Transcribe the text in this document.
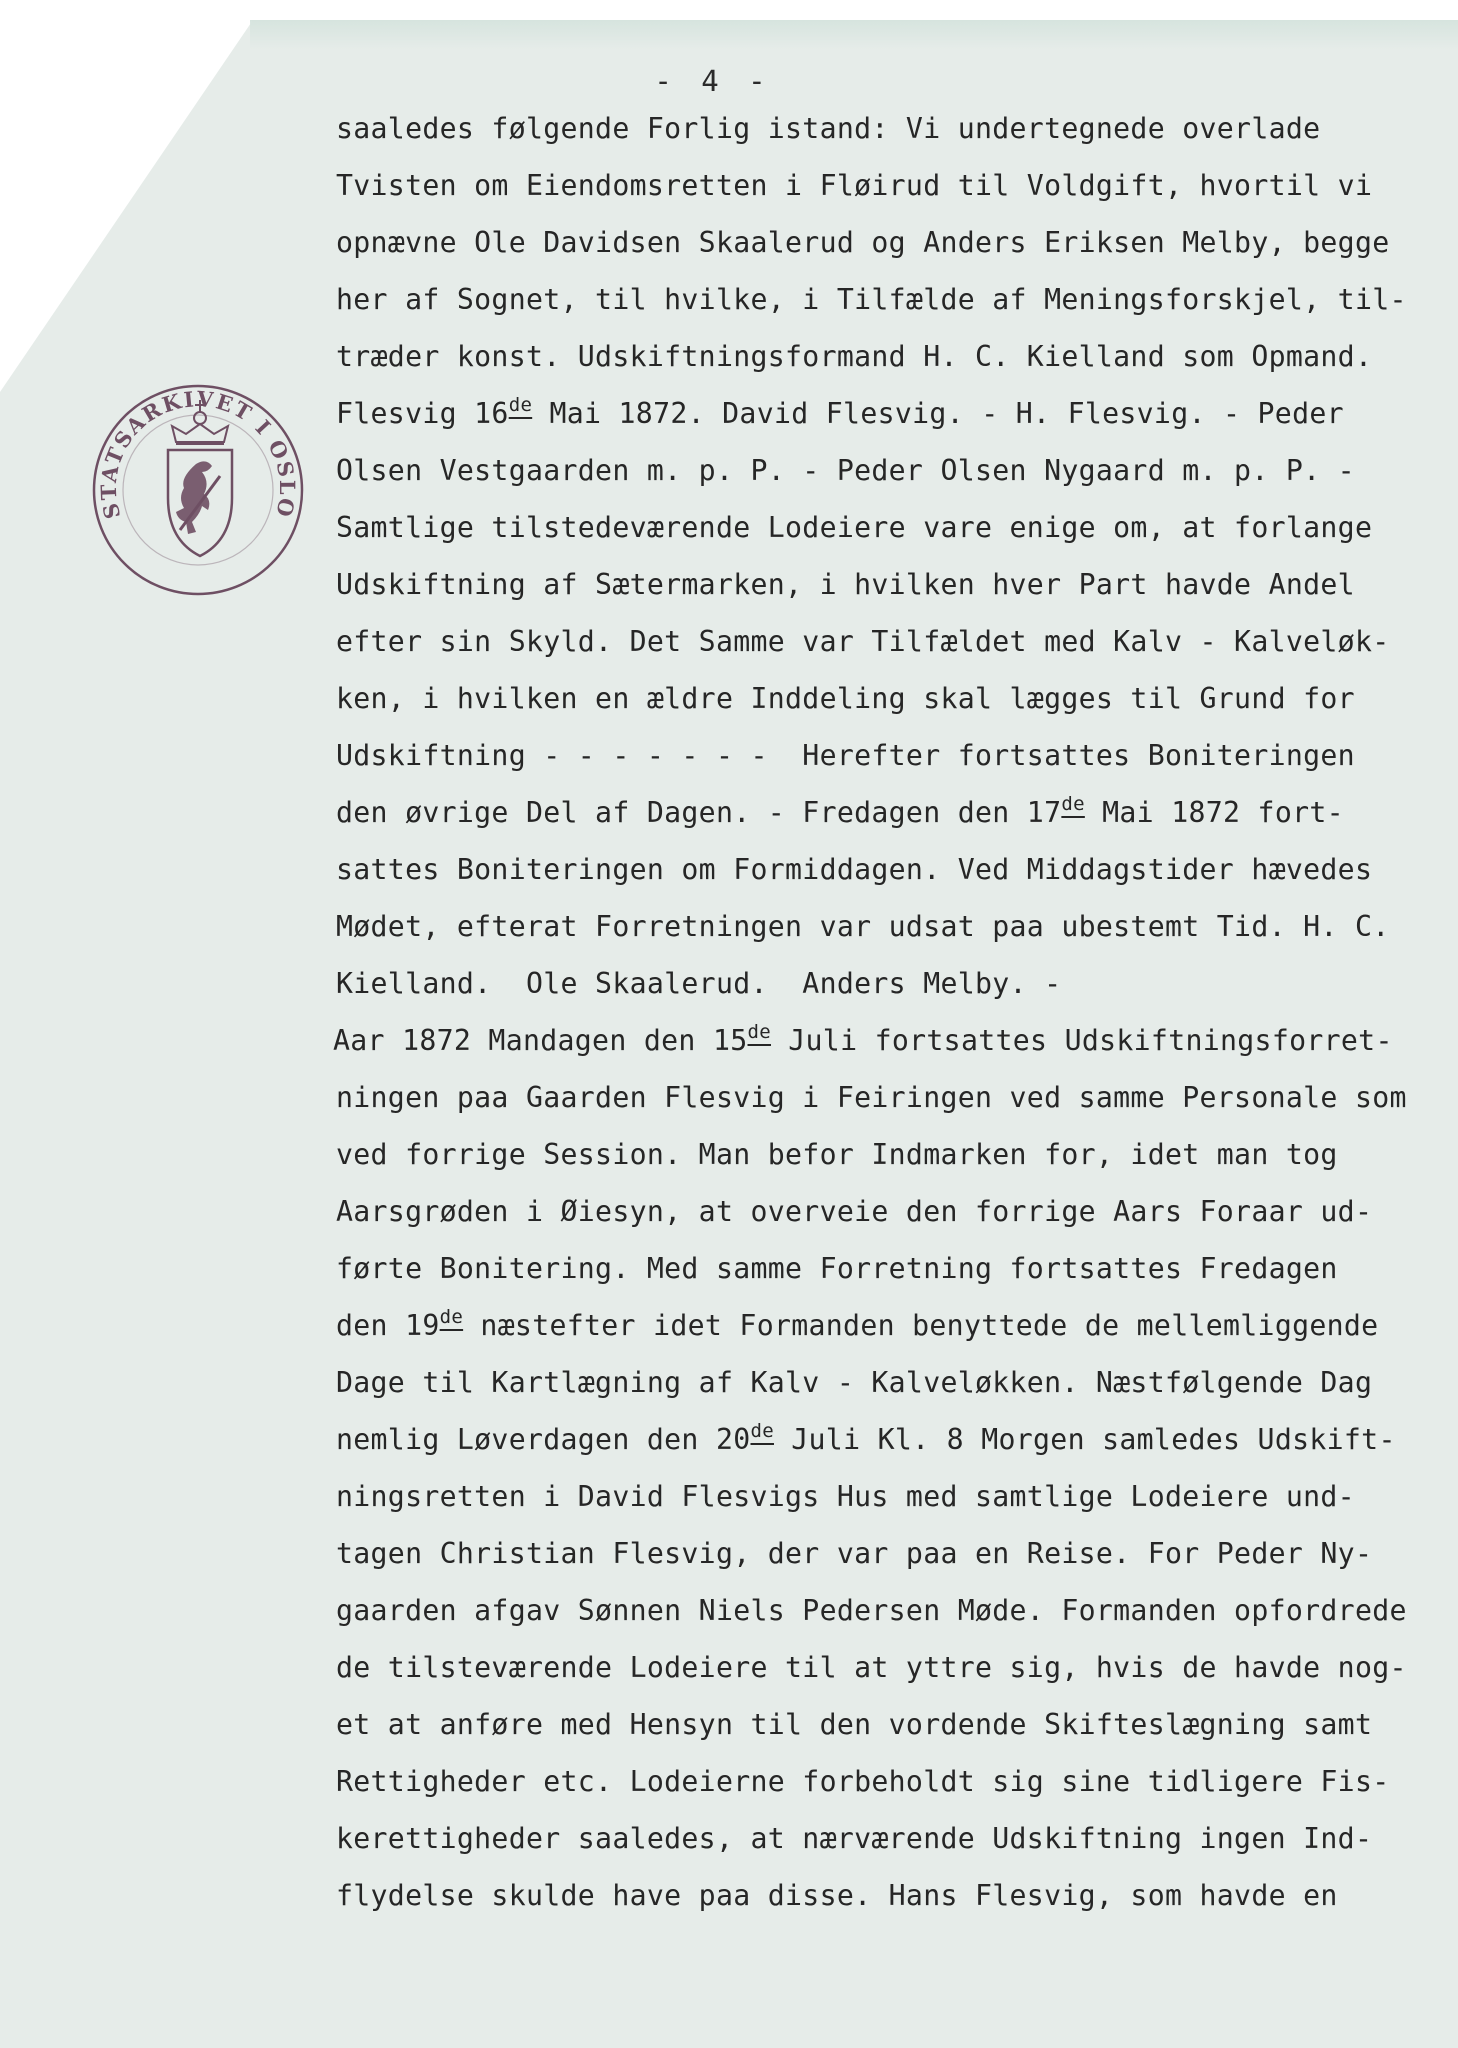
- 4 -
STATSARKIVET I OSLO
saaledes følgende Forlig istand: Vi undertegnede overlade
Tvisten om Eiendomsretten i Fløirud til Voldgift, hvortil vi
opnævne Ole Davidsen Skaalerud og Anders Eriksen Melby, begge
her af Sognet, til hvilke, i Tilfælde af Meningsforskjel, til-
træder konst. Udskiftningsformand H. C. Kielland som Opmand.
Flesvig 16de Mai 1872. David Flesvig. - H. Flesvig. - Peder
Olsen Vestgaarden m. p. P. - Peder Olsen Nygaard m. p. P. -
Samtlige tilstedeværende Lodeiere vare enige om, at forlange
Udskiftning af Sætermarken, i hvilken hver Part havde Andel
efter sin Skyld. Det Samme var Tilfældet med Kalv - Kalveløk-
ken, i hvilken en ældre Inddeling skal lægges til Grund for
Udskiftning - - - - - - -  Herefter fortsattes Boniteringen
den øvrige Del af Dagen. - Fredagen den 17de Mai 1872 fort-
sattes Boniteringen om Formiddagen. Ved Middagstider hævedes
Mødet, efterat Forretningen var udsat paa ubestemt Tid. H. C.
Kielland.  Ole Skaalerud.  Anders Melby. -
Aar 1872 Mandagen den 15de Juli fortsattes Udskiftningsforret-
ningen paa Gaarden Flesvig i Feiringen ved samme Personale som
ved forrige Session. Man befor Indmarken for, idet man tog
Aarsgrøden i Øiesyn, at overveie den forrige Aars Foraar ud-
førte Bonitering. Med samme Forretning fortsattes Fredagen
den 19de næstefter idet Formanden benyttede de mellemliggende
Dage til Kartlægning af Kalv - Kalveløkken. Næstfølgende Dag
nemlig Løverdagen den 20de Juli Kl. 8 Morgen samledes Udskift-
ningsretten i David Flesvigs Hus med samtlige Lodeiere und-
tagen Christian Flesvig, der var paa en Reise. For Peder Ny-
gaarden afgav Sønnen Niels Pedersen Møde. Formanden opfordrede
de tilsteværende Lodeiere til at yttre sig, hvis de havde nog-
et at anføre med Hensyn til den vordende Skifteslægning samt
Rettigheder etc. Lodeierne forbeholdt sig sine tidligere Fis-
kerettigheder saaledes, at nærværende Udskiftning ingen Ind-
flydelse skulde have paa disse. Hans Flesvig, som havde en
